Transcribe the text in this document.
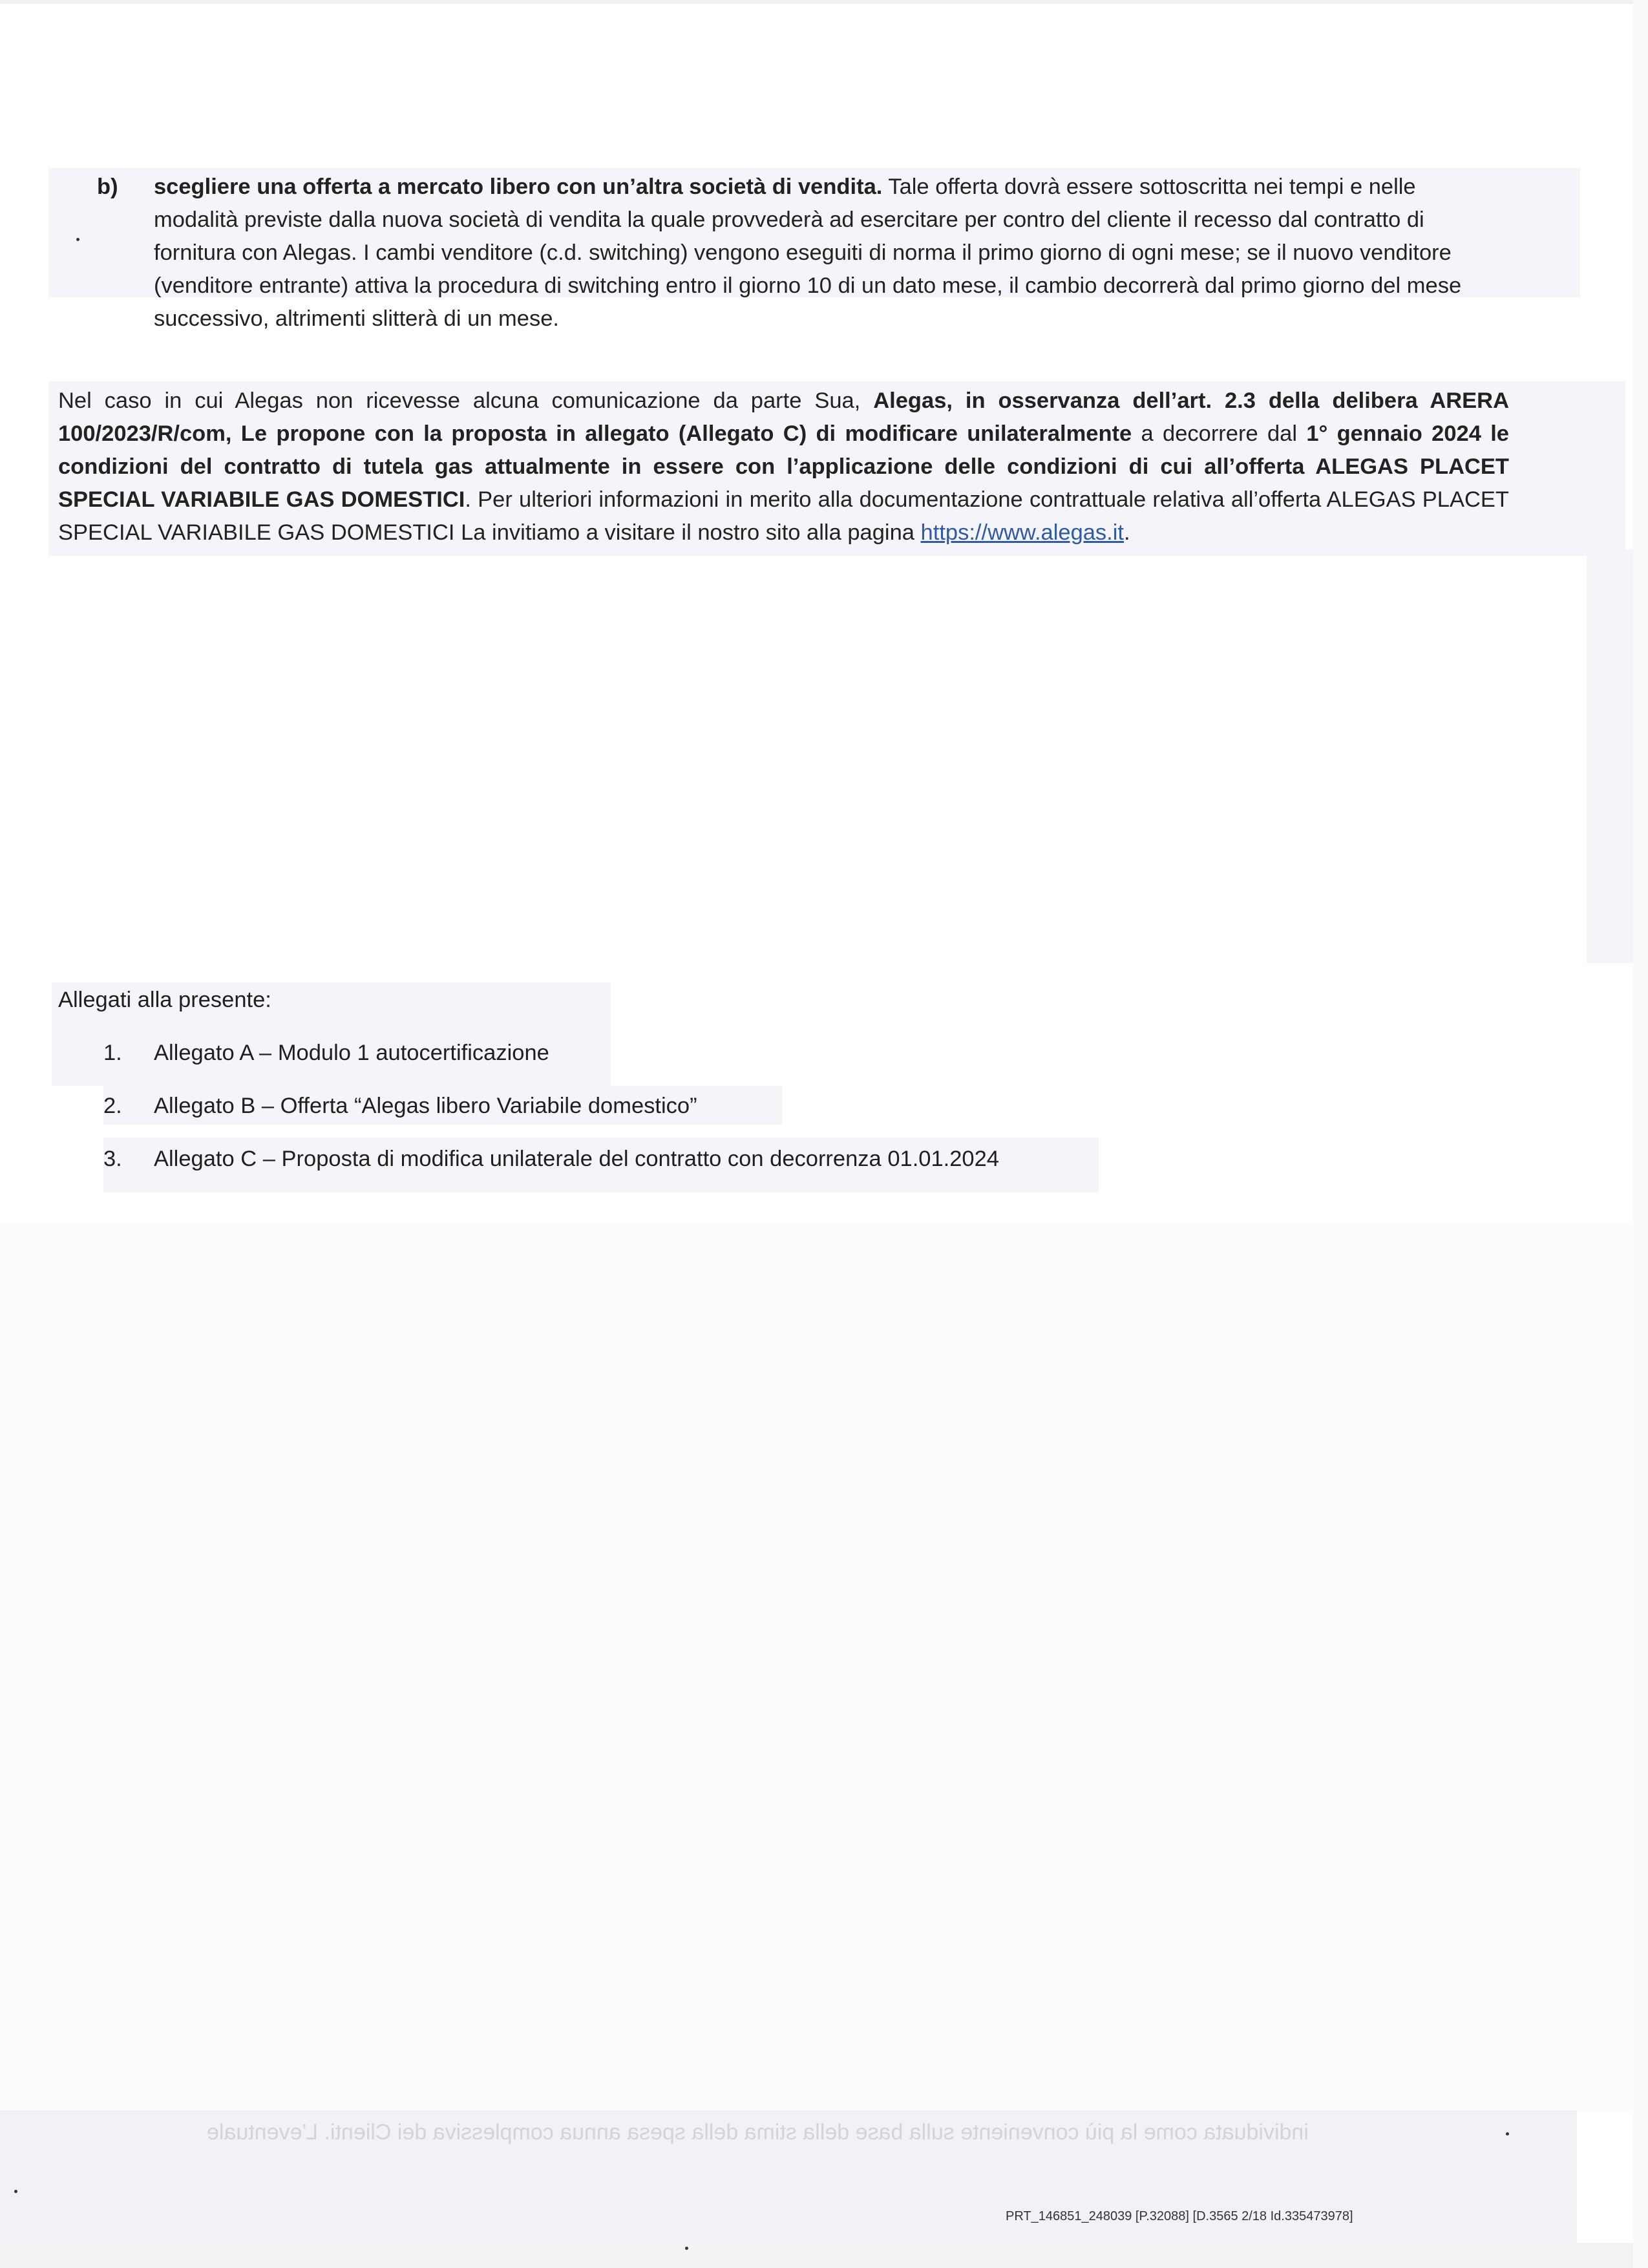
b) scegliere una offerta a mercato libero con un’altra società di vendita. Tale offerta dovrà essere sottoscritta nei tempi e nelle modalità previste dalla nuova società di vendita la quale provvederà ad esercitare per contro del cliente il recesso dal contratto di fornitura con Alegas. I cambi venditore (c.d. switching) vengono eseguiti di norma il primo giorno di ogni mese; se il nuovo venditore (venditore entrante) attiva la procedura di switching entro il giorno 10 di un dato mese, il cambio decorrerà dal primo giorno del mese successivo, altrimenti slitterà di un mese.
Nel caso in cui Alegas non ricevesse alcuna comunicazione da parte Sua, Alegas, in osservanza dell’art. 2.3 della delibera ARERA 100/2023/R/com, Le propone con la proposta in allegato (Allegato C) di modificare unilateralmente a decorrere dal 1° gennaio 2024 le condizioni del contratto di tutela gas attualmente in essere con l’applicazione delle condizioni di cui all’offerta ALEGAS PLACET SPECIAL VARIABILE GAS DOMESTICI. Per ulteriori informazioni in merito alla documentazione contrattuale relativa all’offerta ALEGAS PLACET SPECIAL VARIABILE GAS DOMESTICI La invitiamo a visitare il nostro sito alla pagina https://www.alegas.it.
Allegati alla presente:
1.	Allegato A – Modulo 1 autocertificazione
2.	Allegato B – Offerta “Alegas libero Variabile domestico”
3.	Allegato C – Proposta di modifica unilaterale del contratto con decorrenza 01.01.2024
individuata come la più conveniente sulla base della stima della spesa annua complessiva dei Clienti. L’eventuale
PRT_146851_248039 [P.32088] [D.3565 2/18 Id.335473978]
